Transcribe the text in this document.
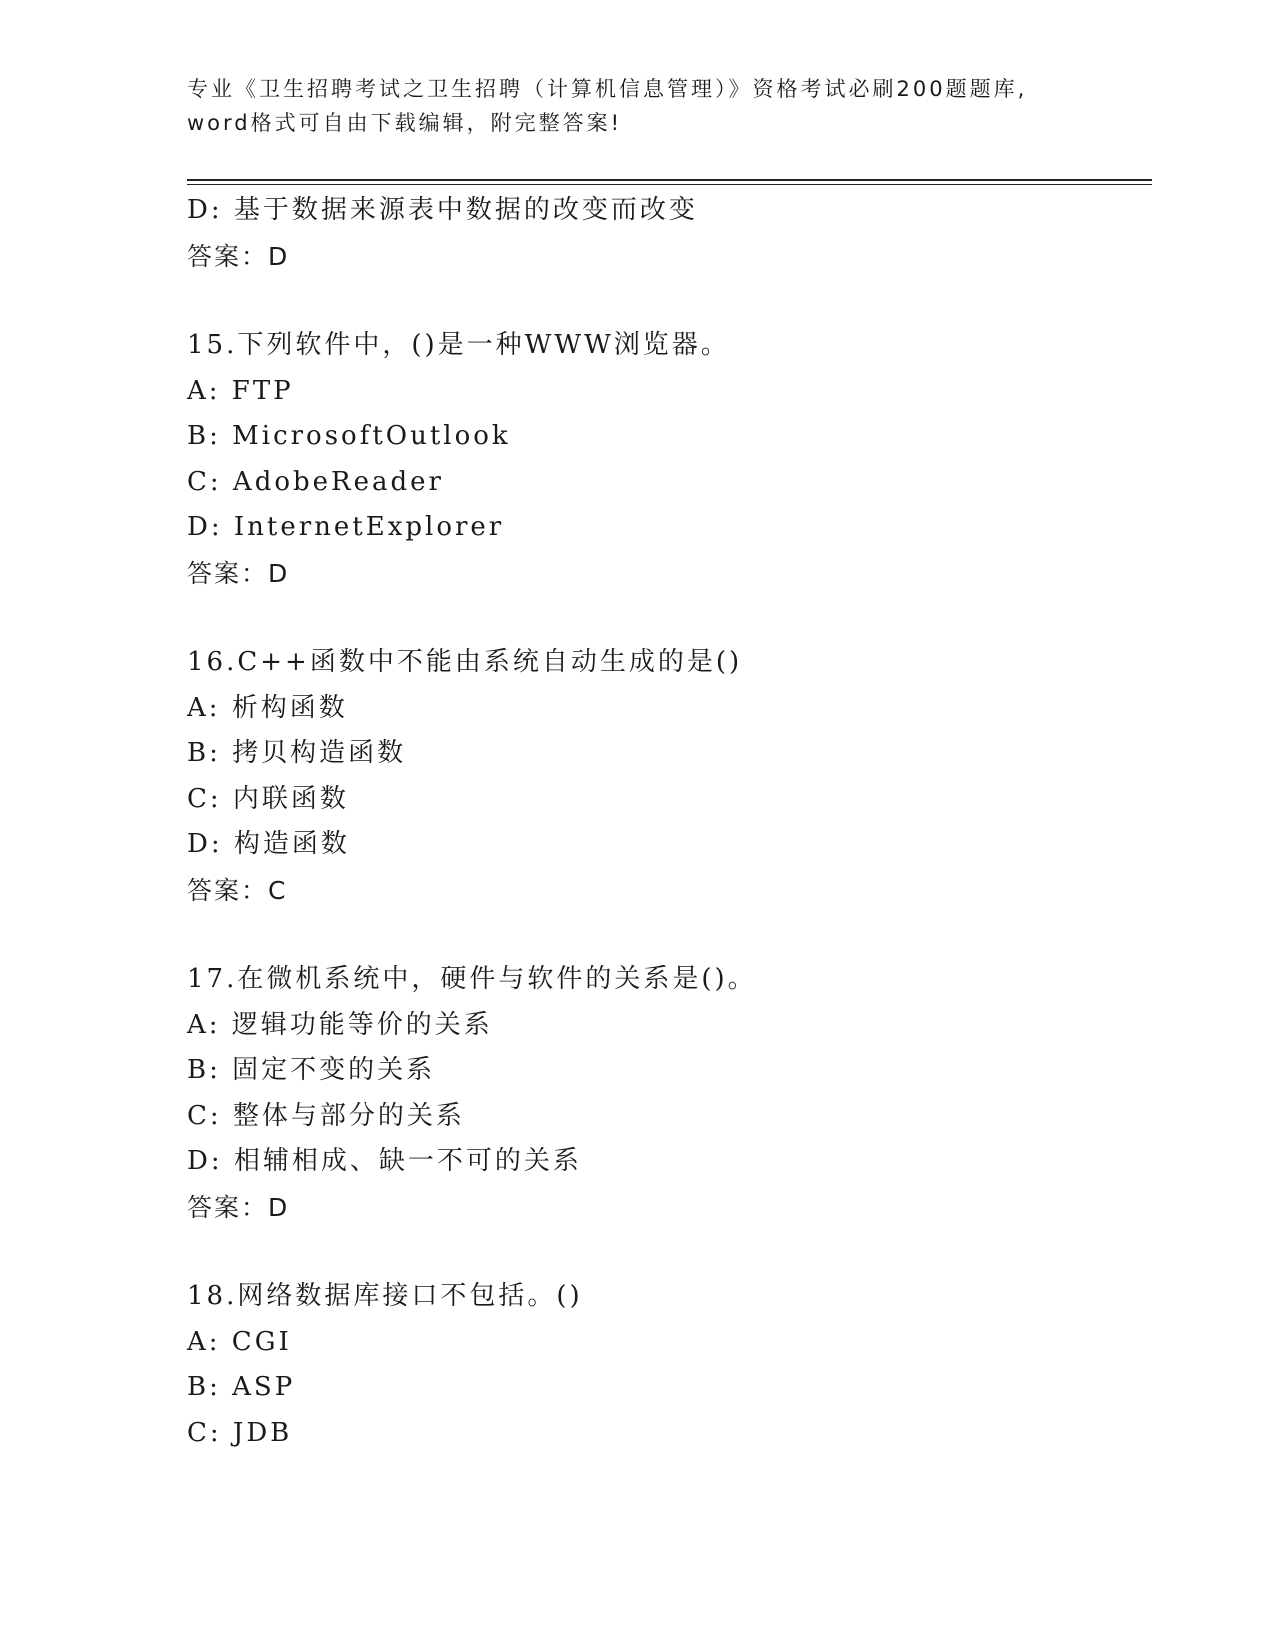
专业《卫生招聘考试之卫生招聘（计算机信息管理）》资格考试必刷200题题库,
word格式可自由下载编辑，附完整答案!
D: 基于数据来源表中数据的改变而改变
答案：D
15.下列软件中，()是一种WWW浏览器。
A: FTP
B: MicrosoftOutlook
C: AdobeReader
D: InternetExplorer
答案：D
16.C++函数中不能由系统自动生成的是()
A: 析构函数
B: 拷贝构造函数
C: 内联函数
D: 构造函数
答案：C
17.在微机系统中，硬件与软件的关系是()。
A: 逻辑功能等价的关系
B: 固定不变的关系
C: 整体与部分的关系
D: 相辅相成、缺一不可的关系
答案：D
18.网络数据库接口不包括。()
A: CGI
B: ASP
C: JDB
